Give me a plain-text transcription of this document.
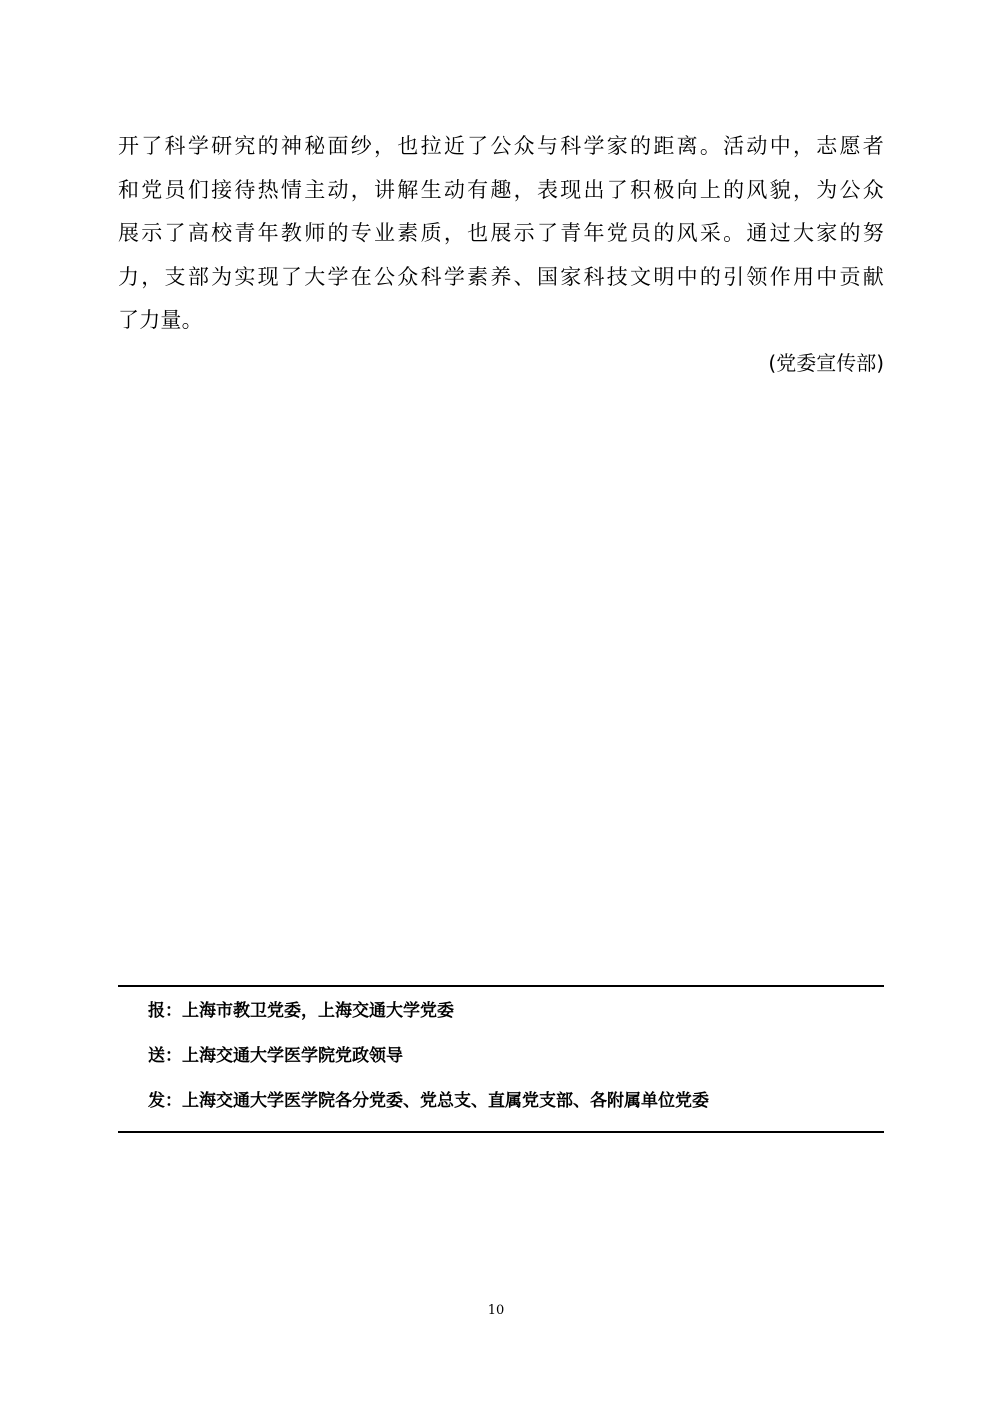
开了科学研究的神秘面纱，也拉近了公众与科学家的距离。活动中，志愿者
和党员们接待热情主动，讲解生动有趣，表现出了积极向上的风貌，为公众
展示了高校青年教师的专业素质，也展示了青年党员的风采。通过大家的努
力，支部为实现了大学在公众科学素养、国家科技文明中的引领作用中贡献
了力量。
(党委宣传部)
报：上海市教卫党委，上海交通大学党委
送：上海交通大学医学院党政领导
发：上海交通大学医学院各分党委、党总支、直属党支部、各附属单位党委
10
